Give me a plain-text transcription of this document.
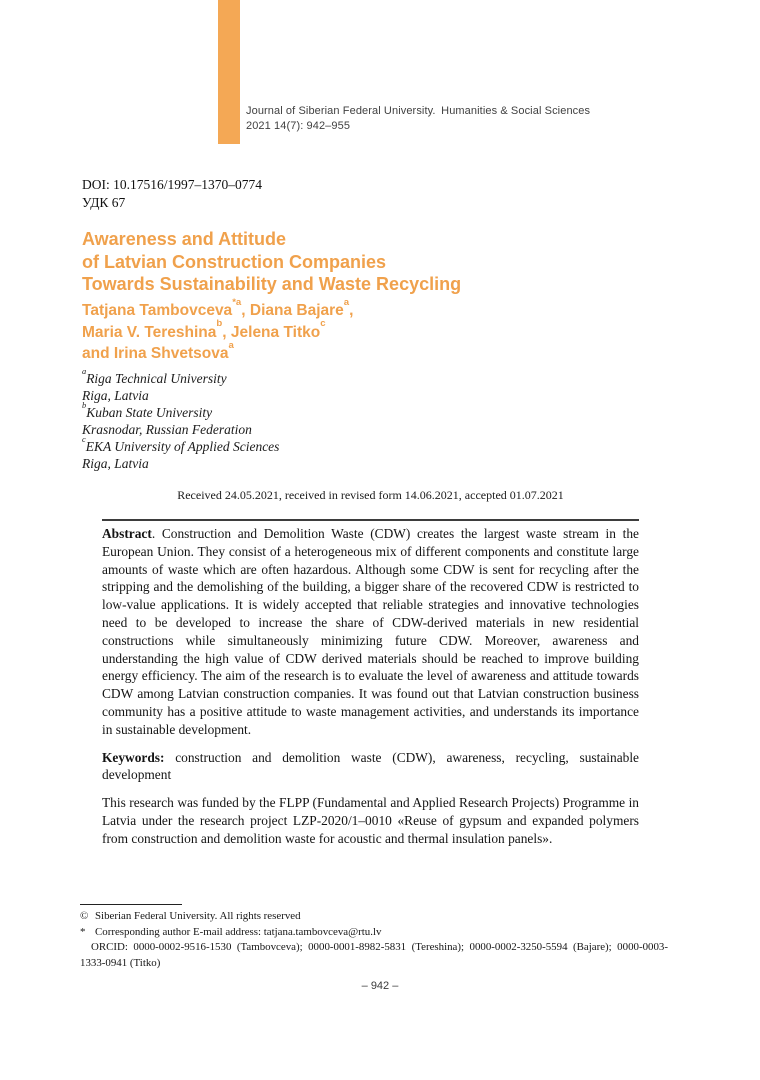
Journal of Siberian Federal University. Humanities & Social Sciences
2021 14(7): 942–955
DOI: 10.17516/1997–1370–0774
УДК 67
Awareness and Attitude
of Latvian Construction Companies
Towards Sustainability and Waste Recycling
Tatjana Tambovceva$^{*a}$, Diana Bajare$^a$,
Maria V. Tereshina$^b$, Jelena Titko$^c$
and Irina Shvetsova$^a$
$^a$Riga Technical University
Riga, Latvia
$^b$Kuban State University
Krasnodar, Russian Federation
$^c$EKA University of Applied Sciences
Riga, Latvia
Received 24.05.2021, received in revised form 14.06.2021, accepted 01.07.2021

Abstract. Construction and Demolition Waste (CDW) creates the largest waste stream in the European Union. They consist of a heterogeneous mix of different components and constitute large amounts of waste which are often hazardous. Although some CDW is sent for recycling after the stripping and the demolishing of the building, a bigger share of the recovered CDW is restricted to low-value applications. It is widely accepted that reliable strategies and innovative technologies need to be developed to increase the share of CDW-derived materials in new residential constructions while simultaneously minimizing future CDW. Moreover, awareness and understanding the high value of CDW derived materials should be reached to improve building energy efficiency. The aim of the research is to evaluate the level of awareness and attitude towards CDW among Latvian construction companies. It was found out that Latvian construction business community has a positive attitude to waste management activities, and understands its importance in sustainable development.

Keywords: construction and demolition waste (CDW), awareness, recycling, sustainable development

This research was funded by the FLPP (Fundamental and Applied Research Projects) Programme in Latvia under the research project LZP-2020/1–0010 «Reuse of gypsum and expanded polymers from construction and demolition waste for acoustic and thermal insulation panels».

© Siberian Federal University. All rights reserved
* Corresponding author E-mail address: tatjana.tambovceva@rtu.lv
ORCID: 0000-0002-9516-1530 (Tambovceva); 0000-0001-8982-5831 (Tereshina); 0000-0002-3250-5594 (Bajare); 0000-0003-1333-0941 (Titko)
– 942 –
